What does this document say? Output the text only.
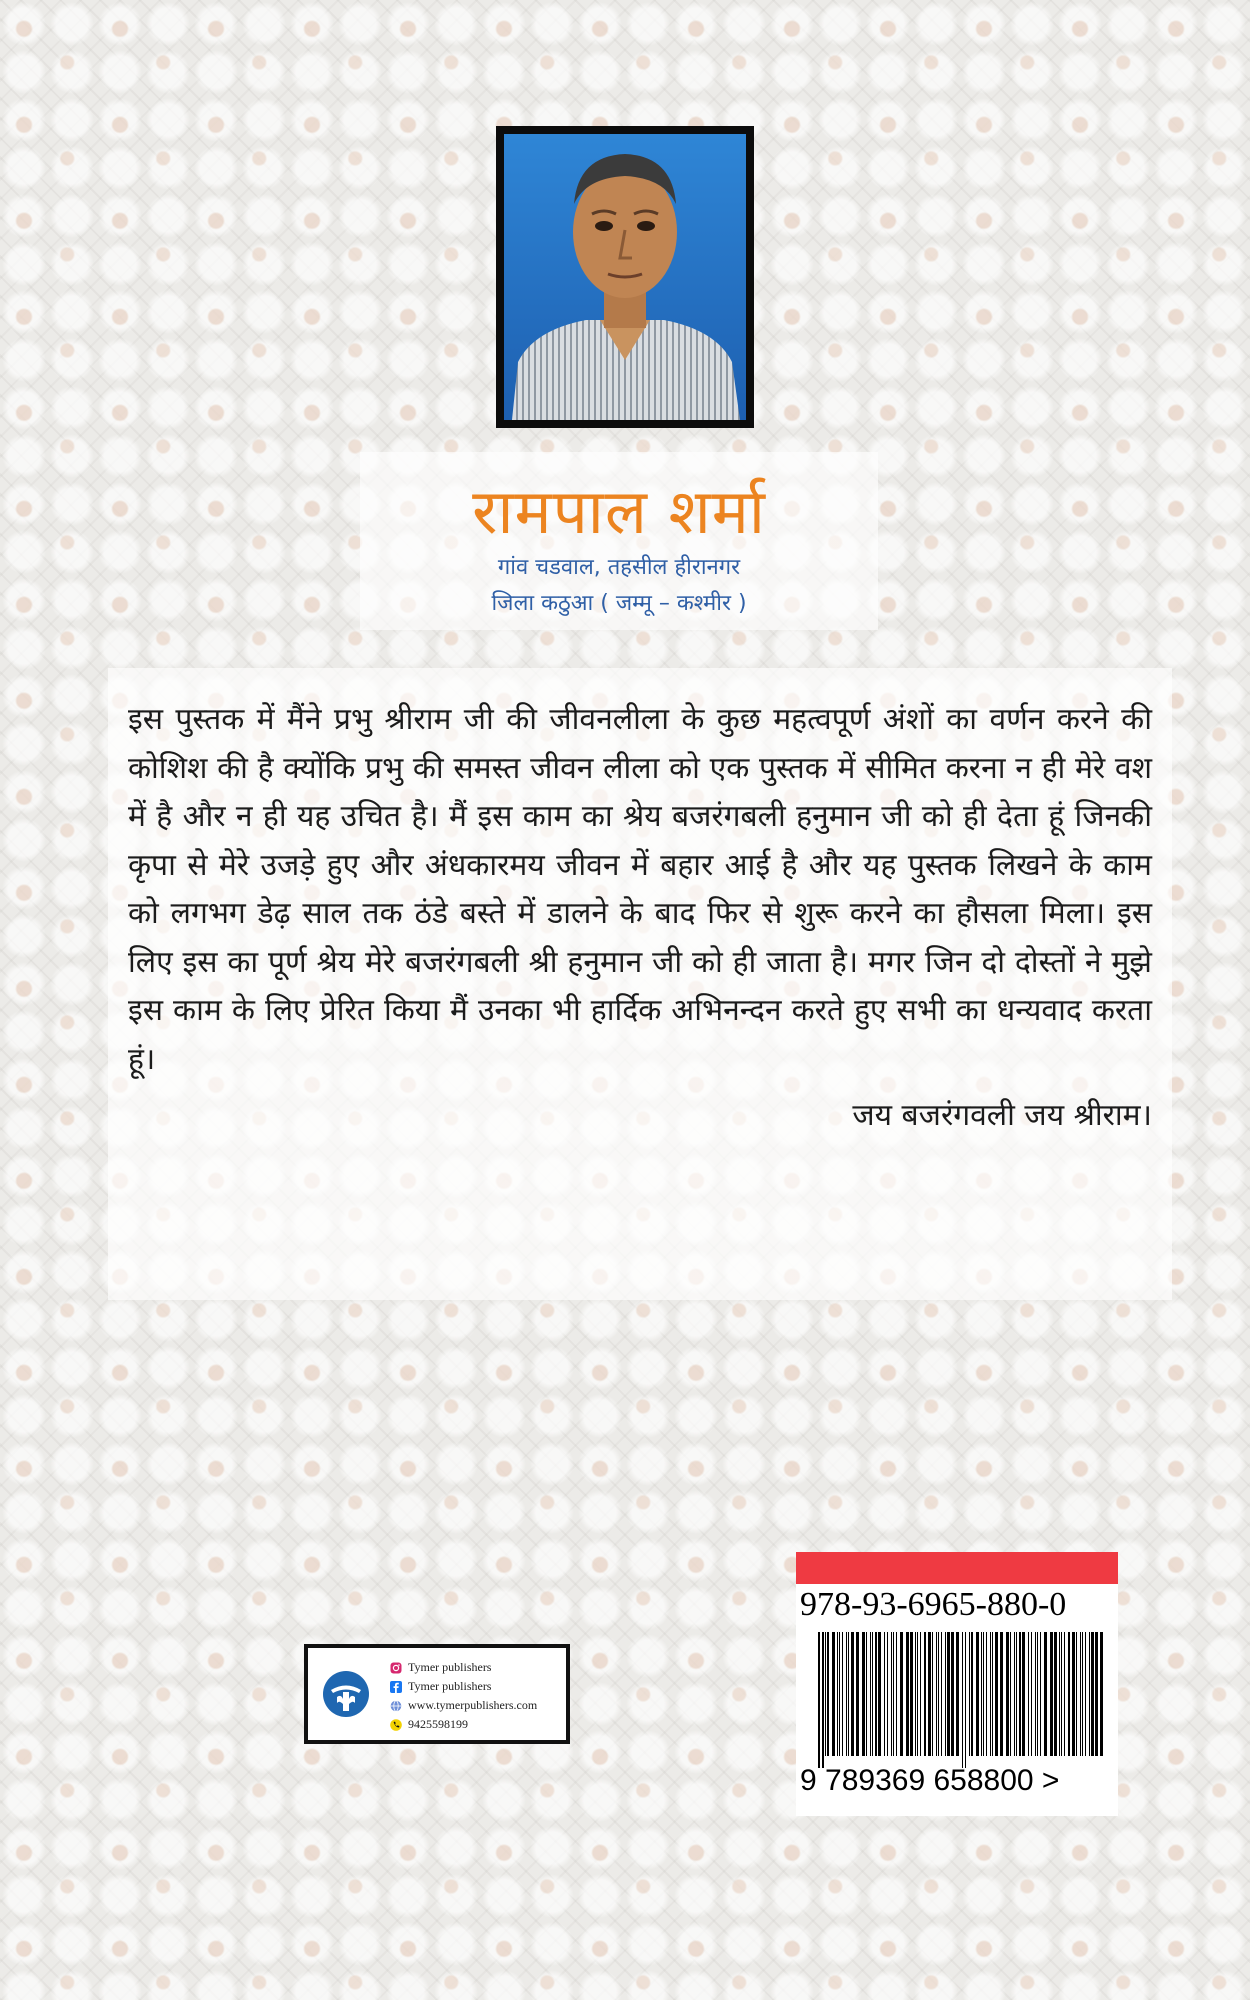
रामपाल शर्मा
गांव चडवाल, तहसील हीरानगर
जिला कठुआ ( जम्मू – कश्मीर )

इस पुस्तक में मैंने प्रभु श्रीराम जी की जीवनलीला के कुछ महत्वपूर्ण अंशों का वर्णन करने की कोशिश की है क्योंकि प्रभु की समस्त जीवन लीला को एक पुस्तक में सीमित करना न ही मेरे वश में है और न ही यह उचित है। मैं इस काम का श्रेय बजरंगबली हनुमान जी को ही देता हूं जिनकी कृपा से मेरे उजड़े हुए और अंधकारमय जीवन में बहार आई है और यह पुस्तक लिखने के काम को लगभग डेढ़ साल तक ठंडे बस्ते में डालने के बाद फिर से शुरू करने का हौसला मिला। इस लिए इस का पूर्ण श्रेय मेरे बजरंगबली श्री हनुमान जी को ही जाता है। मगर जिन दो दोस्तों ने मुझे इस काम के लिए प्रेरित किया मैं उनका भी हार्दिक अभिनन्दन करते हुए सभी का धन्यवाद करता हूं।

जय बजरंगवली जय श्रीराम।

Tymer publishers
Tymer publishers
www.tymerpublishers.com
9425598199
978-93-6965-880-0
9 789369 658800 >
